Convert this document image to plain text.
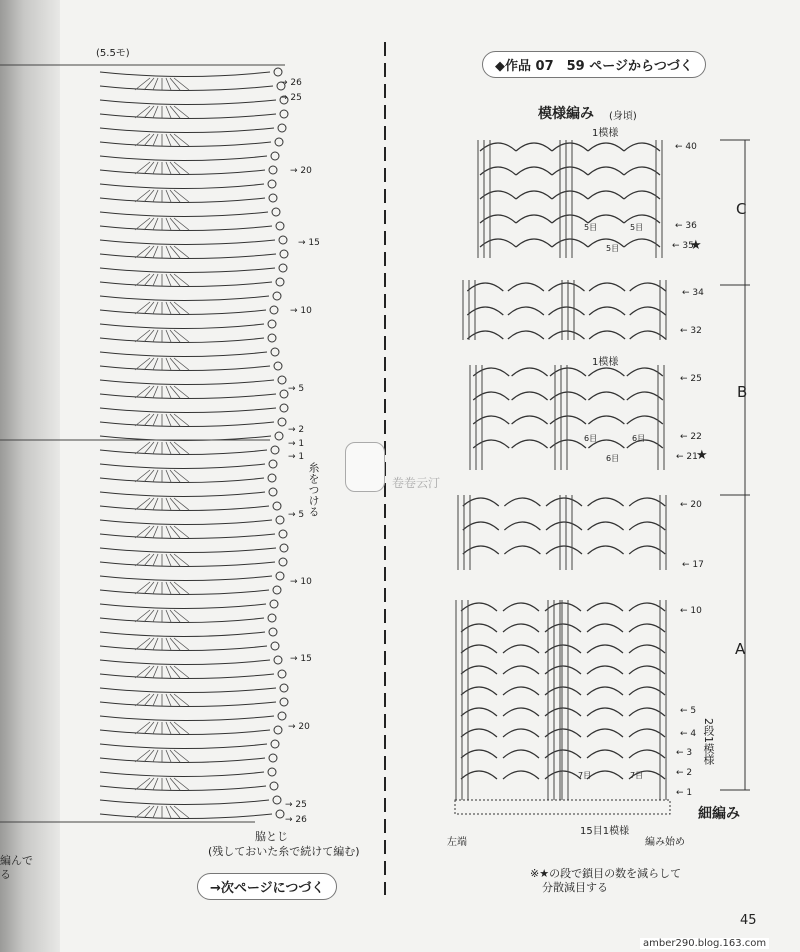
(5.5モ)
→ 26
→ 25
→ 20
→ 15
→ 10
→ 5
→ 2
→ 1
→ 1
→ 5
→ 10
→ 15
→ 20
→ 25
→ 26
糸をつける
脇とじ
(残しておいた糸で続けて編む)
→次ページにつづく
編んで
る
◆作品 07　59 ページからつづく
模様編み (身頃)
1模様
1模様
15目1模様
左端	編み始め
細編み
C
B
A
2段1模様
★
★
← 40
← 36
← 35
← 34
← 32
← 25
← 22
← 21
← 20
← 17
← 10
← 5
← 4
← 3
← 2
← 1
5目	5目
5目
6目	6目
6目
7目	7目
※★の段で鎖目の数を減らして
分散減目する
卷卷云汀
45
amber290.blog.163.com
